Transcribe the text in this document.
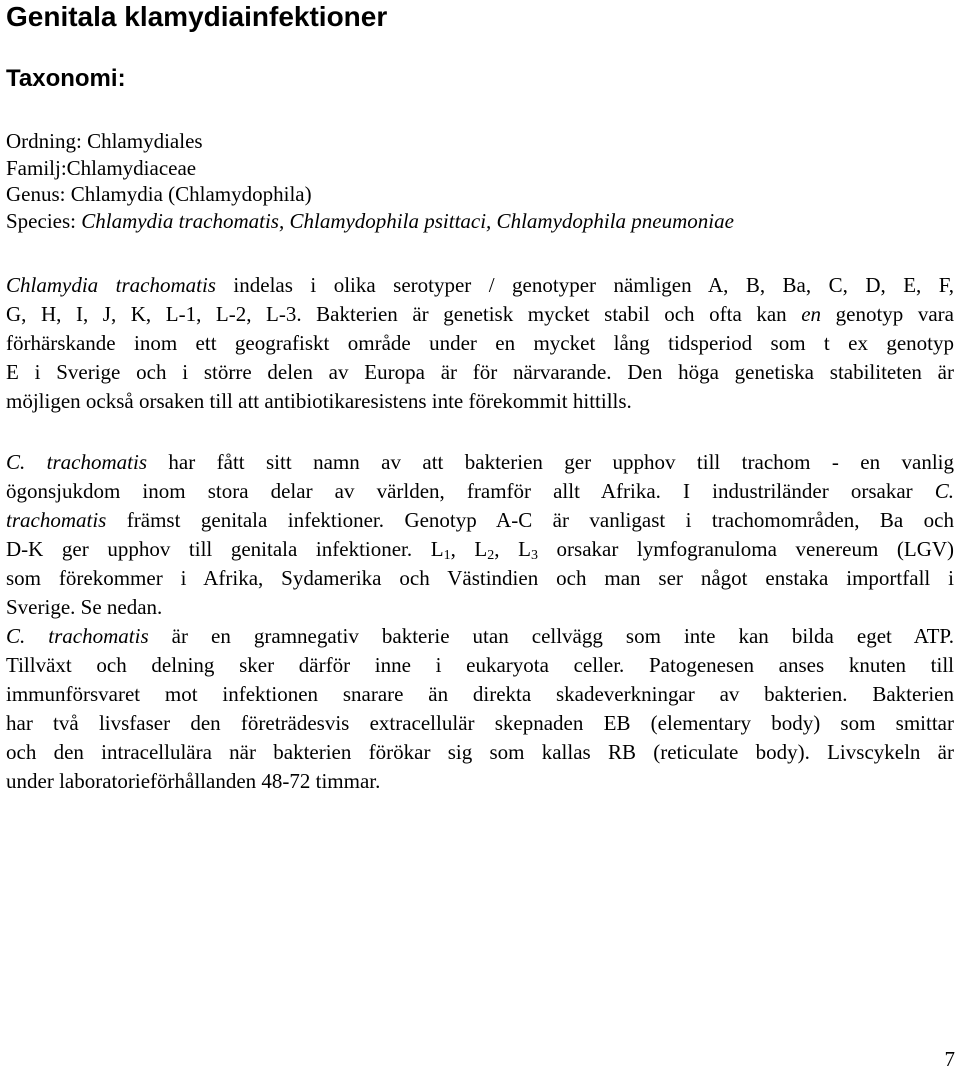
Genitala klamydiainfektioner
Taxonomi:
Ordning: Chlamydiales
Familj:Chlamydiaceae
Genus: Chlamydia (Chlamydophila)
Species: Chlamydia trachomatis, Chlamydophila psittaci, Chlamydophila pneumoniae
Chlamydia trachomatis indelas i olika serotyper / genotyper nämligen A, B, Ba, C, D, E, F,
G, H, I, J, K, L-1, L-2, L-3. Bakterien är genetisk mycket stabil och ofta kan en genotyp vara
förhärskande inom ett geografiskt område under en mycket lång tidsperiod som t ex genotyp
E i Sverige och i större delen av Europa är för närvarande. Den höga genetiska stabiliteten är
möjligen också orsaken till att antibiotikaresistens inte förekommit hittills.
C. trachomatis har fått sitt namn av att bakterien ger upphov till trachom - en vanlig
ögonsjukdom inom stora delar av världen, framför allt Afrika. I industriländer orsakar C.
trachomatis främst genitala infektioner. Genotyp A-C är vanligast i trachomområden, Ba och
D-K ger upphov till genitala infektioner. $L_1$, $L_2$, $L_3$ orsakar lymfogranuloma venereum (LGV)
som förekommer i Afrika, Sydamerika och Västindien och man ser något enstaka importfall i
Sverige. Se nedan.
C. trachomatis är en gramnegativ bakterie utan cellvägg som inte kan bilda eget ATP.
Tillväxt och delning sker därför inne i eukaryota celler. Patogenesen anses knuten till
immunförsvaret mot infektionen snarare än direkta skadeverkningar av bakterien. Bakterien
har två livsfaser den företrädesvis extracellulär skepnaden EB (elementary body) som smittar
och den intracellulära när bakterien förökar sig som kallas RB (reticulate body). Livscykeln är
under laboratorieförhållanden 48-72 timmar.
7
